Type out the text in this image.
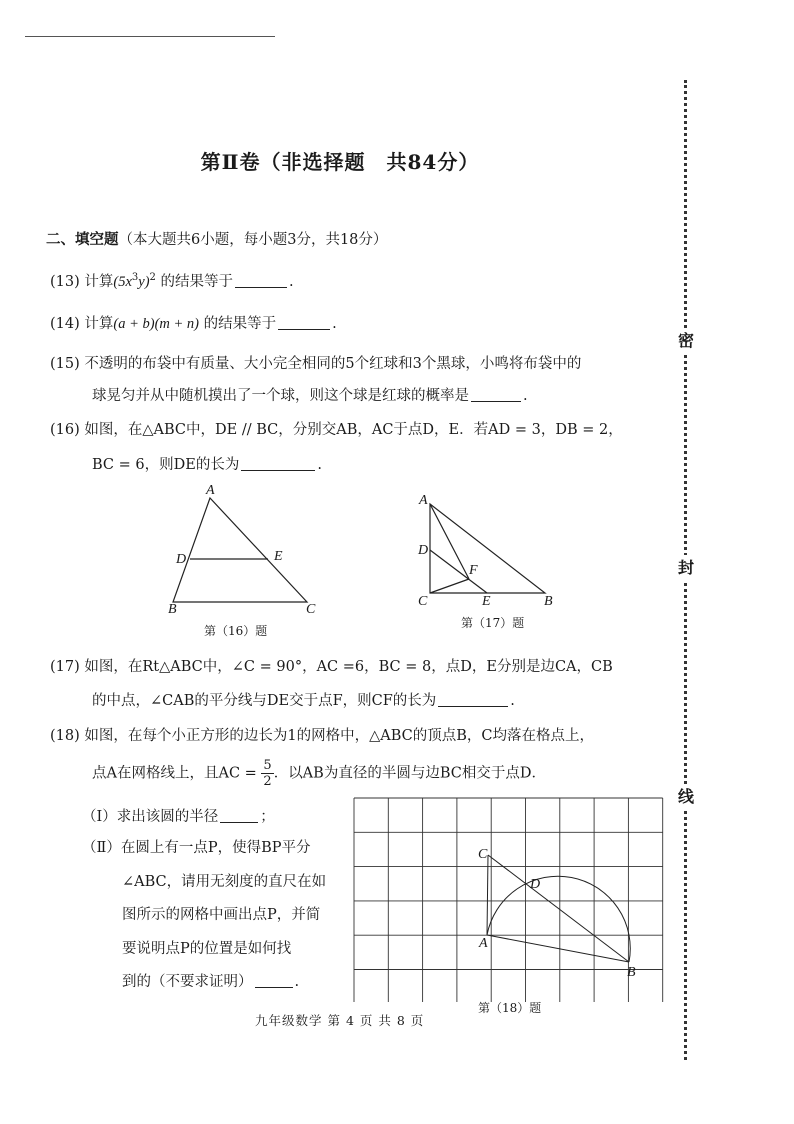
第Ⅱ卷（非选择题　共84分）
二、填空题（本大题共6小题，每小题3分，共18分）
(13) 计算$(5x^3y)^2$ 的结果等于	.
(14) 计算(a + b)(m + n) 的结果等于	.
(15) 不透明的布袋中有质量、大小完全相同的5个红球和3个黑球，小鸣将布袋中的
球晃匀并从中随机摸出了一个球，则这个球是红球的概率是	.
(16) 如图，在△ABC中，DE // BC，分别交AB，AC于点D，E．若AD = 3，DB = 2，
BC = 6，则DE的长为	.
A
D	E
B	C
第（16）题
A
D
F
C	E	B
第（17）题
(17) 如图，在Rt△ABC中，∠C = 90°，AC =6，BC = 8，点D，E分别是边CA，CB
的中点，∠CAB的平分线与DE交于点F，则CF的长为	.
(18) 如图，在每个小正方形的边长为1的网格中，△ABC的顶点B，C均落在格点上，
点A在网格线上，且AC = $\frac{5}{2}$ ．以AB为直径的半圆与边BC相交于点D．
（Ⅰ）求出该圆的半径	；
（Ⅱ）在圆上有一点P，使得BP平分
∠ABC，请用无刻度的直尺在如
图所示的网格中画出点P，并简
要说明点P的位置是如何找
到的（不要求证明）	.
C
D
A
B
第（18）题
密
封
线
九年级数学 第 4 页 共 8 页
